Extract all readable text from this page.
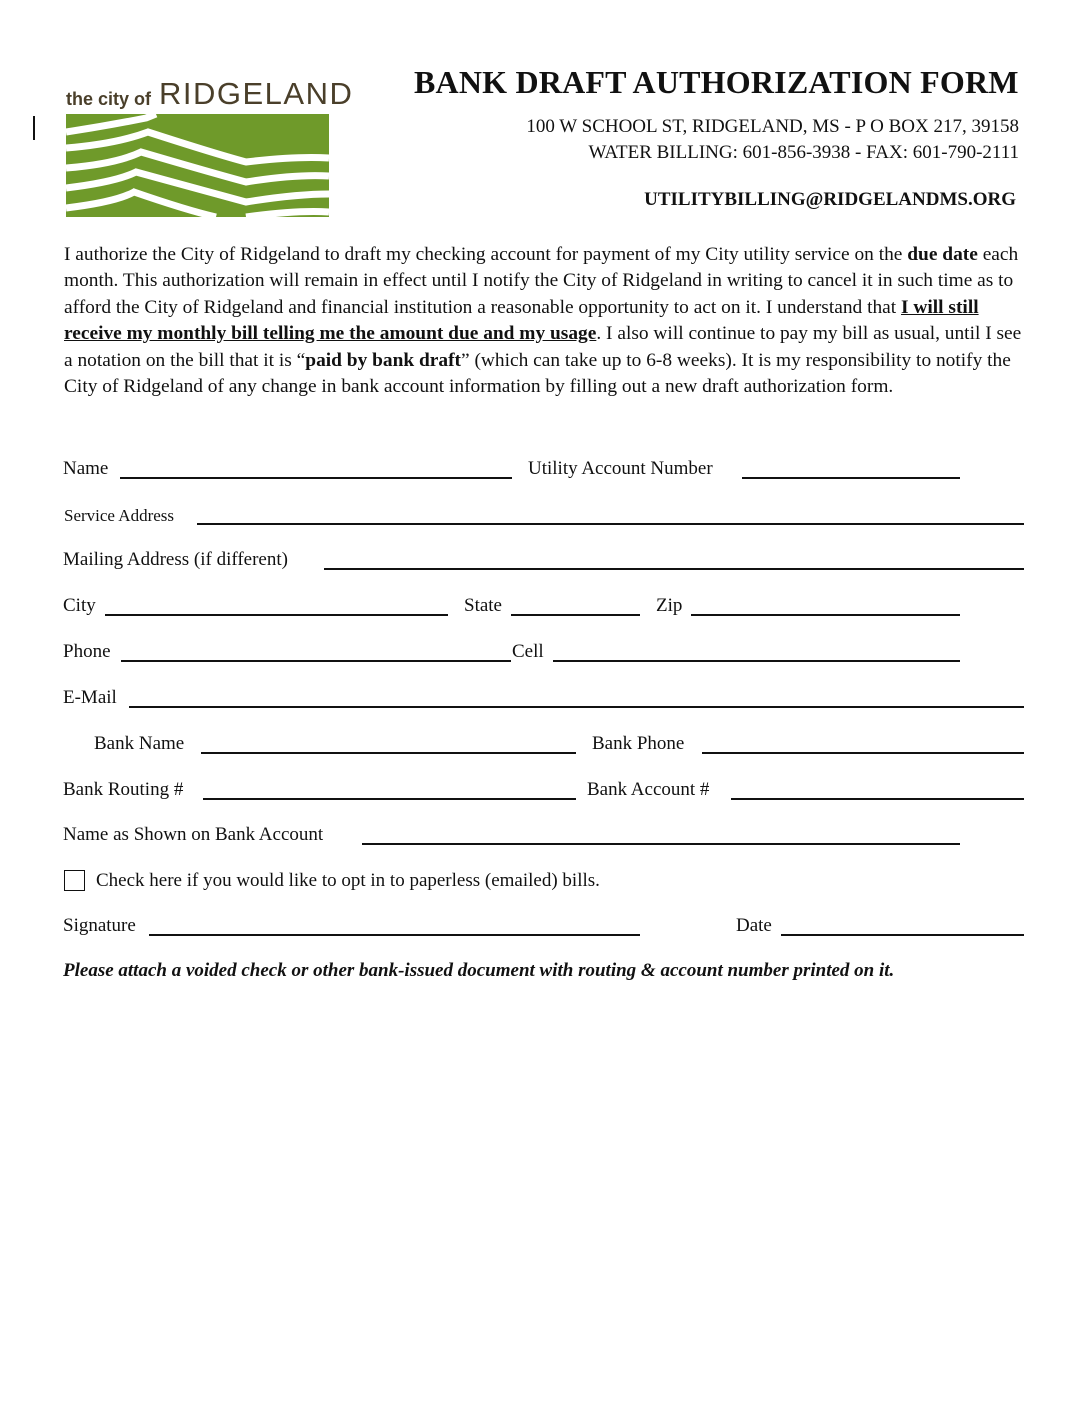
the city of RIDGELAND BANK DRAFT AUTHORIZATION FORM
100 W SCHOOL ST, RIDGELAND, MS - P O BOX 217, 39158
WATER BILLING: 601-856-3938 - FAX: 601-790-2111
UTILITYBILLING@RIDGELANDMS.ORG
I authorize the City of Ridgeland to draft my checking account for payment of my City utility service on the due date each month. This authorization will remain in effect until I notify the City of Ridgeland in writing to cancel it in such time as to afford the City of Ridgeland and financial institution a reasonable opportunity to act on it. I understand that I will still receive my monthly bill telling me the amount due and my usage. I also will continue to pay my bill as usual, until I see a notation on the bill that it is “paid by bank draft” (which can take up to 6-8 weeks). It is my responsibility to notify the City of Ridgeland of any change in bank account information by filling out a new draft authorization form.
Name	Utility Account Number
Service Address
Mailing Address (if different)
City	State	Zip
Phone	Cell
E-Mail
Bank Name	Bank Phone
Bank Routing #	Bank Account #
Name as Shown on Bank Account
Check here if you would like to opt in to paperless (emailed) bills.
Signature	Date
Please attach a voided check or other bank-issued document with routing & account number printed on it.
